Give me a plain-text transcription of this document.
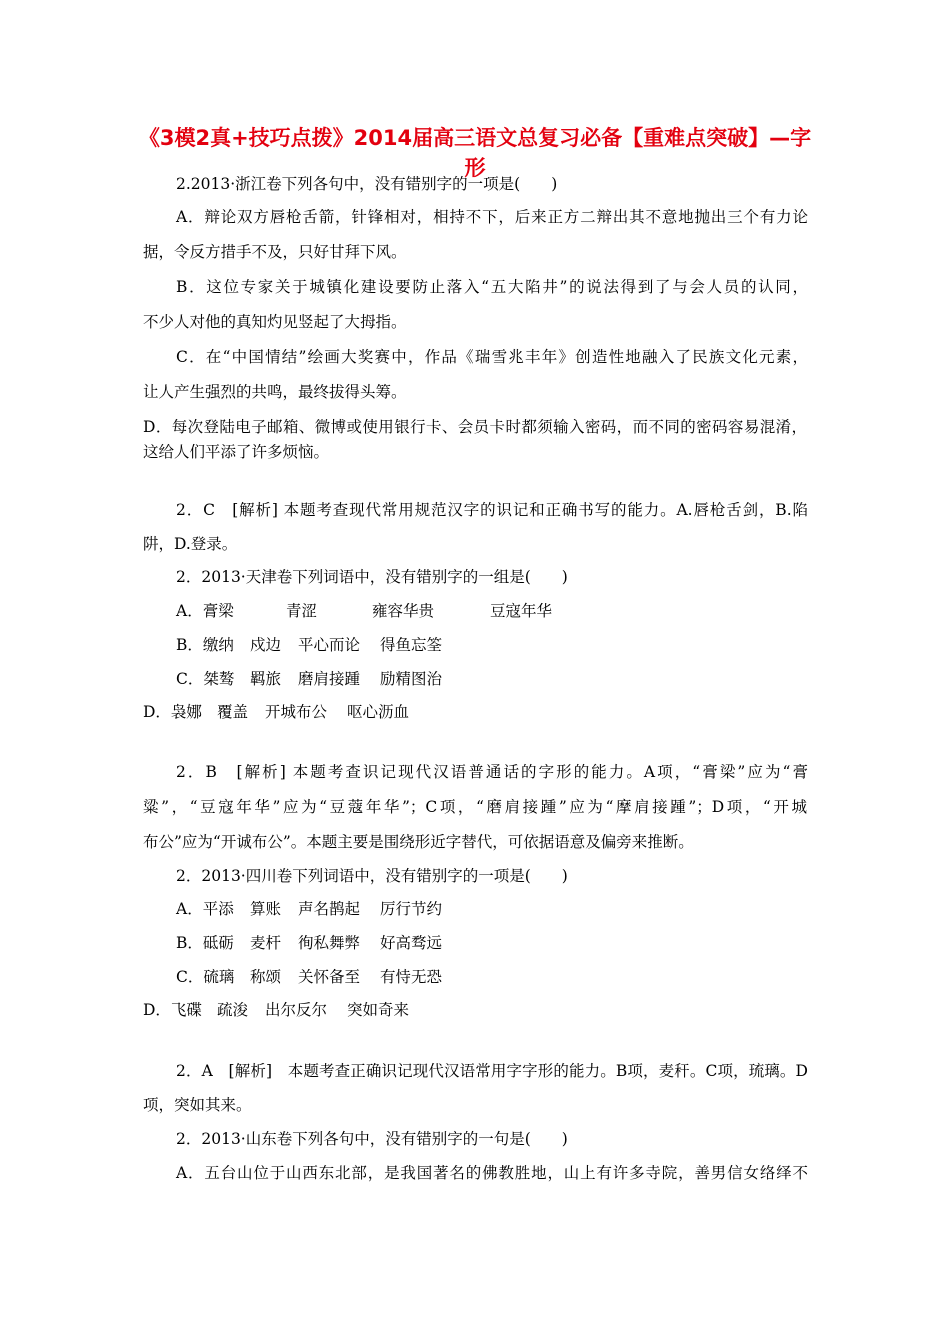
《3模2真+技巧点拨》2014届高三语文总复习必备【重难点突破】—字
形
2.2013·浙江卷下列各句中，没有错别字的一项是(　　)
A．辩论双方唇枪舌箭，针锋相对，相持不下，后来正方二辩出其不意地抛出三个有力论
据，令反方措手不及，只好甘拜下风。
B．这位专家关于城镇化建设要防止落入“五大陷井”的说法得到了与会人员的认同，
不少人对他的真知灼见竖起了大拇指。
C．在“中国情结”绘画大奖赛中，作品《瑞雪兆丰年》创造性地融入了民族文化元素，
让人产生强烈的共鸣，最终拔得头筹。
D．每次登陆电子邮箱、微博或使用银行卡、会员卡时都须输入密码，而不同的密码容易混淆，
这给人们平添了许多烦恼。
2．C　[解析] 本题考查现代常用规范汉字的识记和正确书写的能力。A.唇枪舌剑，B.陷
阱，D.登录。
2．2013·天津卷下列词语中，没有错别字的一组是(　　)
A．膏梁	青涩	雍容华贵	豆寇年华
B．缴纳 戍边 平心而论 得鱼忘筌
C．桀骜 羁旅 磨肩接踵 励精图治
D．袅娜 覆盖 开城布公 呕心沥血
2．B　[解析] 本题考查识记现代汉语普通话的字形的能力。A项，“膏梁”应为“膏
粱”，“豆寇年华”应为“豆蔻年华”；C项，“磨肩接踵”应为“摩肩接踵”；D项，“开城
布公”应为“开诚布公”。本题主要是围绕形近字替代，可依据语意及偏旁来推断。
2．2013·四川卷下列词语中，没有错别字的一项是(　　)
A．平添 算账 声名鹊起 厉行节约
B．砥砺 麦杆 徇私舞弊 好高骛远
C．硫璃 称颂 关怀备至 有恃无恐
D．飞碟 疏浚 出尔反尔 突如奇来
2．A　[解析]　本题考查正确识记现代汉语常用字字形的能力。B项，麦秆。C项，琉璃。D
项，突如其来。
2．2013·山东卷下列各句中，没有错别字的一句是(　　)
A．五台山位于山西东北部，是我国著名的佛教胜地，山上有许多寺院，善男信女络绎不
